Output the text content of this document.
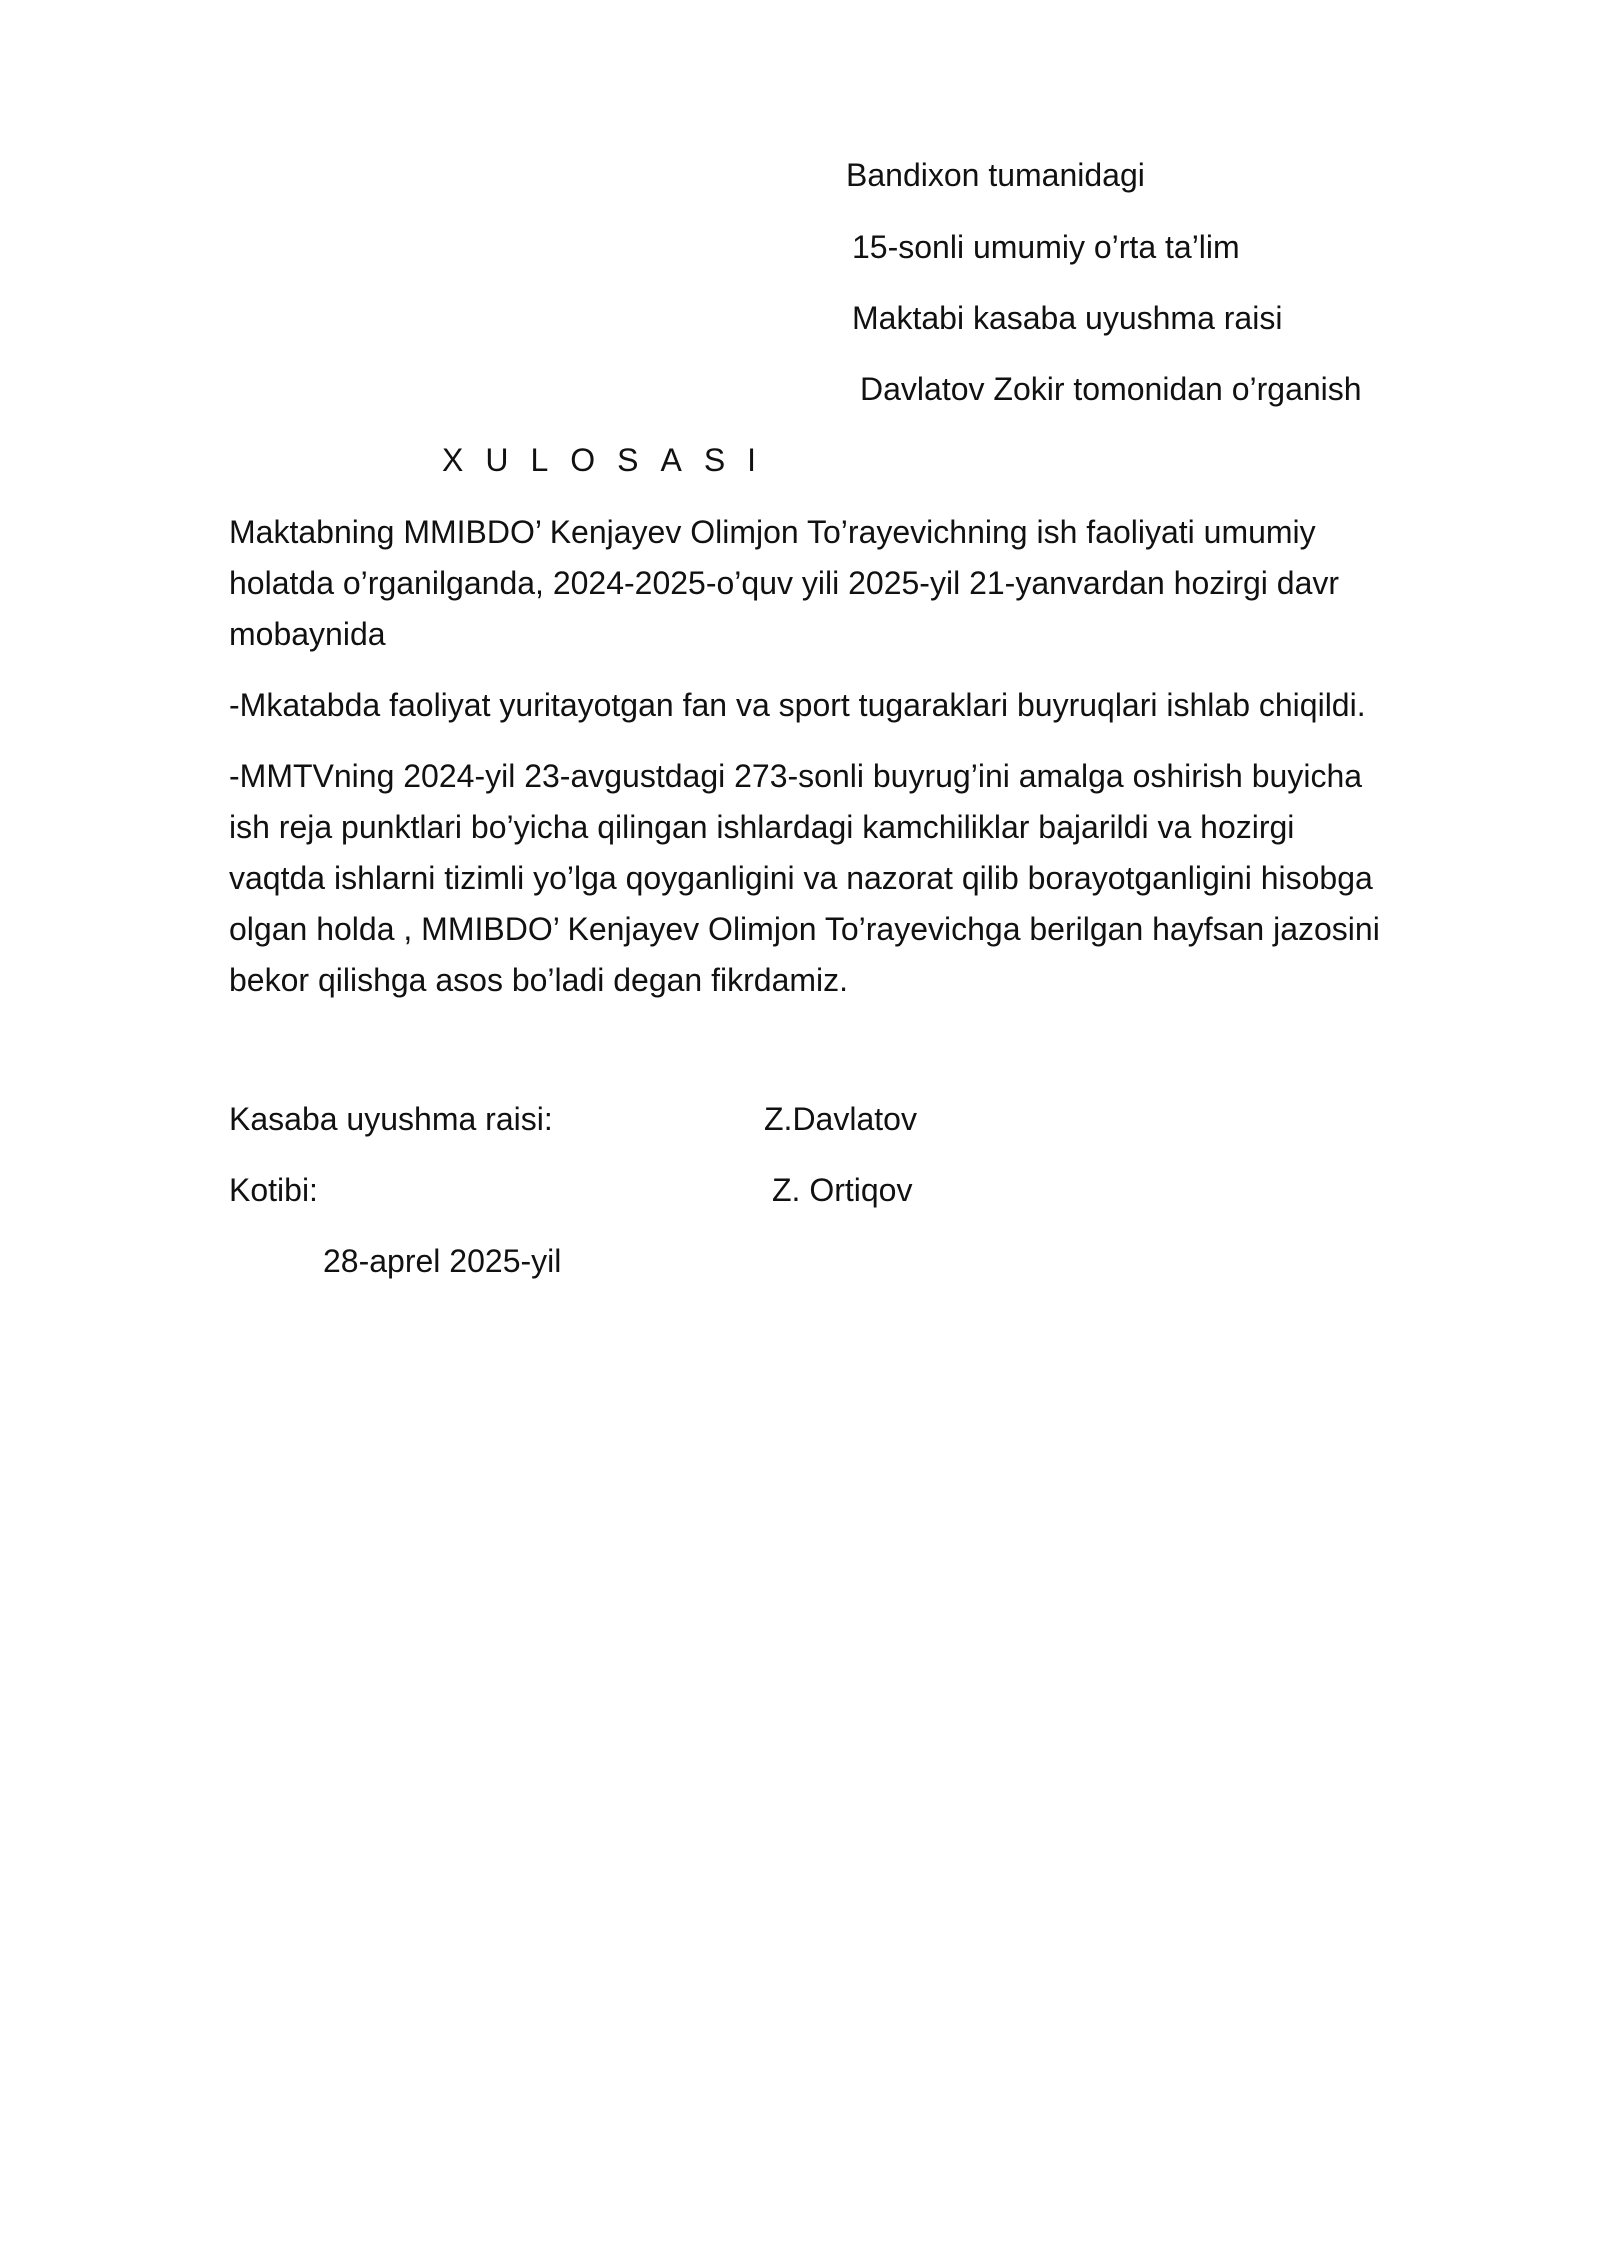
Bandixon tumanidagi
15-sonli umumiy o’rta ta’lim
Maktabi kasaba uyushma raisi
Davlatov Zokir tomonidan o’rganish
XULOSASI
Maktabning MMIBDO’ Kenjayev Olimjon To’rayevichning ish faoliyati umumiy
holatda o’rganilganda, 2024-2025-o’quv yili 2025-yil 21-yanvardan hozirgi davr
mobaynida
-Mkatabda faoliyat yuritayotgan fan va sport tugaraklari buyruqlari ishlab chiqildi.
-MMTVning 2024-yil 23-avgustdagi 273-sonli buyrug’ini amalga oshirish buyicha
ish reja punktlari bo’yicha qilingan ishlardagi kamchiliklar bajarildi va hozirgi
vaqtda ishlarni tizimli yo’lga qoyganligini va nazorat qilib borayotganligini hisobga
olgan holda , MMIBDO’ Kenjayev Olimjon To’rayevichga berilgan hayfsan jazosini
bekor qilishga asos bo’ladi degan fikrdamiz.
Kasaba uyushma raisi:	Z.Davlatov
Kotibi:	Z. Ortiqov
28-aprel 2025-yil
